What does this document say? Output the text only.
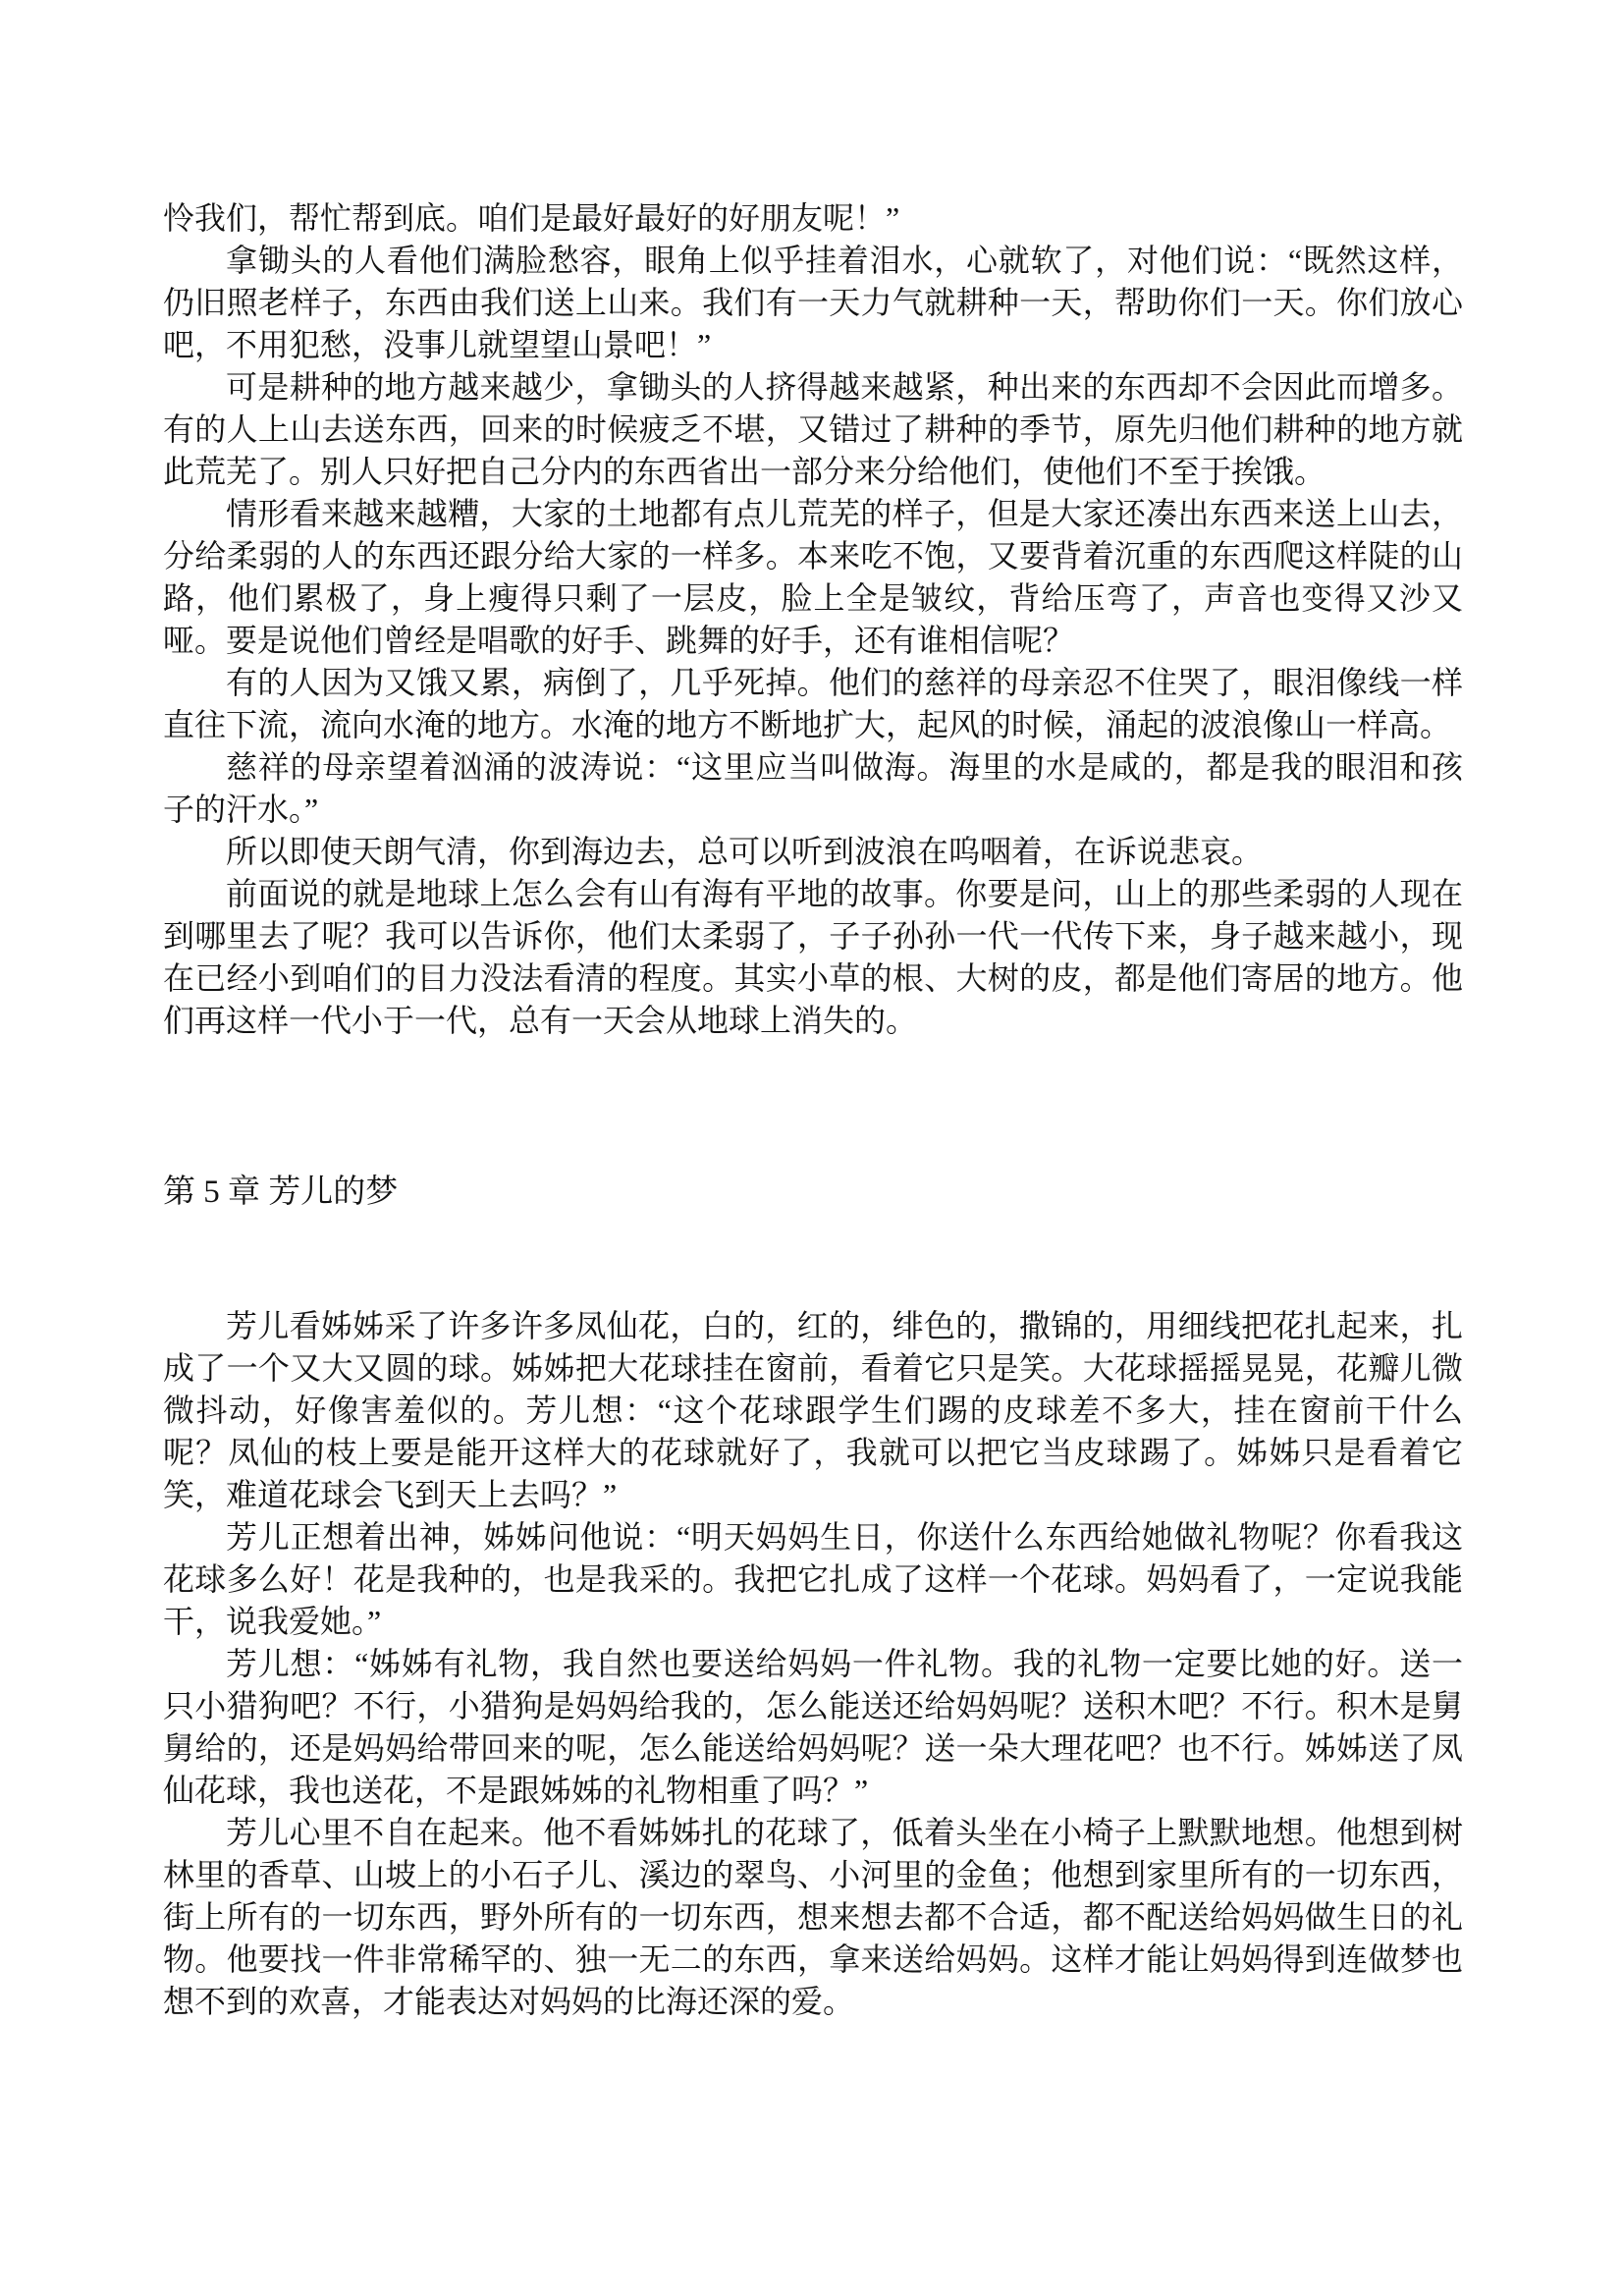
怜我们，帮忙帮到底。咱们是最好最好的好朋友呢！”

拿锄头的人看他们满脸愁容，眼角上似乎挂着泪水，心就软了，对他们说：“既然这样，仍旧照老样子，东西由我们送上山来。我们有一天力气就耕种一天，帮助你们一天。你们放心吧，不用犯愁，没事儿就望望山景吧！”

可是耕种的地方越来越少，拿锄头的人挤得越来越紧，种出来的东西却不会因此而增多。有的人上山去送东西，回来的时候疲乏不堪，又错过了耕种的季节，原先归他们耕种的地方就此荒芜了。别人只好把自己分内的东西省出一部分来分给他们，使他们不至于挨饿。

情形看来越来越糟，大家的土地都有点儿荒芜的样子，但是大家还凑出东西来送上山去，分给柔弱的人的东西还跟分给大家的一样多。本来吃不饱，又要背着沉重的东西爬这样陡的山路，他们累极了，身上瘦得只剩了一层皮，脸上全是皱纹，背给压弯了，声音也变得又沙又哑。要是说他们曾经是唱歌的好手、跳舞的好手，还有谁相信呢？

有的人因为又饿又累，病倒了，几乎死掉。他们的慈祥的母亲忍不住哭了，眼泪像线一样直往下流，流向水淹的地方。水淹的地方不断地扩大，起风的时候，涌起的波浪像山一样高。

慈祥的母亲望着汹涌的波涛说：“这里应当叫做海。海里的水是咸的，都是我的眼泪和孩子的汗水。”

所以即使天朗气清，你到海边去，总可以听到波浪在呜咽着，在诉说悲哀。

前面说的就是地球上怎么会有山有海有平地的故事。你要是问，山上的那些柔弱的人现在到哪里去了呢？我可以告诉你，他们太柔弱了，子子孙孙一代一代传下来，身子越来越小，现在已经小到咱们的目力没法看清的程度。其实小草的根、大树的皮，都是他们寄居的地方。他们再这样一代小于一代，总有一天会从地球上消失的。

第 5 章 芳儿的梦

芳儿看姊姊采了许多许多凤仙花，白的，红的，绯色的，撒锦的，用细线把花扎起来，扎成了一个又大又圆的球。姊姊把大花球挂在窗前，看着它只是笑。大花球摇摇晃晃，花瓣儿微微抖动，好像害羞似的。芳儿想：“这个花球跟学生们踢的皮球差不多大，挂在窗前干什么呢？凤仙的枝上要是能开这样大的花球就好了，我就可以把它当皮球踢了。姊姊只是看着它笑，难道花球会飞到天上去吗？”

芳儿正想着出神，姊姊问他说：“明天妈妈生日，你送什么东西给她做礼物呢？你看我这花球多么好！花是我种的，也是我采的。我把它扎成了这样一个花球。妈妈看了，一定说我能干，说我爱她。”

芳儿想：“姊姊有礼物，我自然也要送给妈妈一件礼物。我的礼物一定要比她的好。送一只小猎狗吧？不行，小猎狗是妈妈给我的，怎么能送还给妈妈呢？送积木吧？不行。积木是舅舅给的，还是妈妈给带回来的呢，怎么能送给妈妈呢？送一朵大理花吧？也不行。姊姊送了凤仙花球，我也送花，不是跟姊姊的礼物相重了吗？”

芳儿心里不自在起来。他不看姊姊扎的花球了，低着头坐在小椅子上默默地想。他想到树林里的香草、山坡上的小石子儿、溪边的翠鸟、小河里的金鱼；他想到家里所有的一切东西，街上所有的一切东西，野外所有的一切东西，想来想去都不合适，都不配送给妈妈做生日的礼物。他要找一件非常稀罕的、独一无二的东西，拿来送给妈妈。这样才能让妈妈得到连做梦也想不到的欢喜，才能表达对妈妈的比海还深的爱。
